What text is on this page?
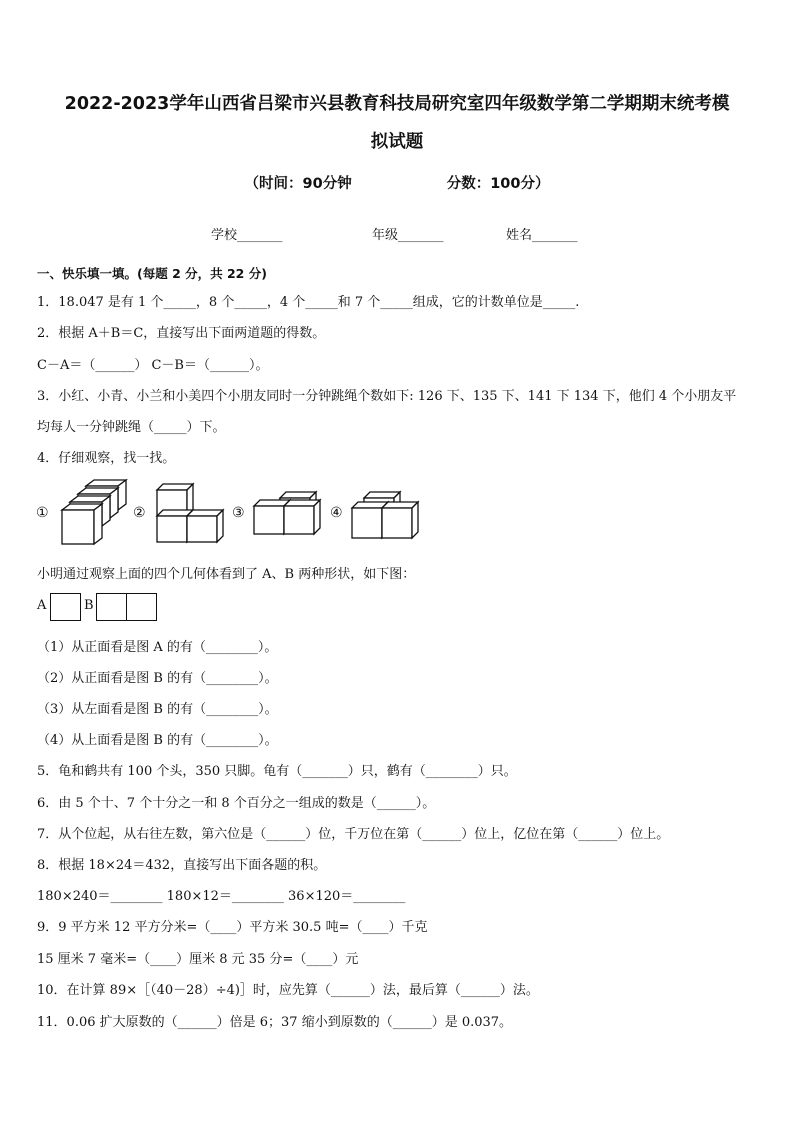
2022-2023学年山西省吕梁市兴县教育科技局研究室四年级数学第二学期期末统考模
拟试题
（时间：90分钟	分数：100分）
学校_______	年级_______	姓名_______
一、快乐填一填。(每题 2 分，共 22 分)
1．18.047 是有 1 个_____，8 个_____，4 个_____和 7 个_____组成，它的计数单位是_____.
2．根据 A＋B＝C，直接写出下面两道题的得数。
C－A＝（______） C－B＝（______）。
3．小红、小青、小兰和小美四个小朋友同时一分钟跳绳个数如下: 126 下、135 下、141 下 134 下，他们 4 个小朋友平
均每人一分钟跳绳（_____）下。
4．仔细观察，找一找。
①	②	③	④
小明通过观察上面的四个几何体看到了 A、B 两种形状，如下图：
A	B
（1）从正面看是图 A 的有（________）。
（2）从正面看是图 B 的有（________）。
（3）从左面看是图 B 的有（________）。
（4）从上面看是图 B 的有（________）。
5．龟和鹤共有 100 个头，350 只脚。龟有（_______）只，鹤有（________）只。
6．由 5 个十、7 个十分之一和 8 个百分之一组成的数是（______）。
7．从个位起，从右往左数，第六位是（______）位，千万位在第（______）位上，亿位在第（______）位上。
8．根据 18×24＝432，直接写出下面各题的积。
180×240＝________ 180×12＝________ 36×120＝________
9．9 平方米 12 平方分米=（____）平方米 30.5 吨=（____）千克
15 厘米 7 毫米=（____）厘米 8 元 35 分=（____）元
10．在计算 89×［（40－28）÷4)］时，应先算（______）法，最后算（______）法。
11．0.06 扩大原数的（______）倍是 6；37 缩小到原数的（______）是 0.037。
